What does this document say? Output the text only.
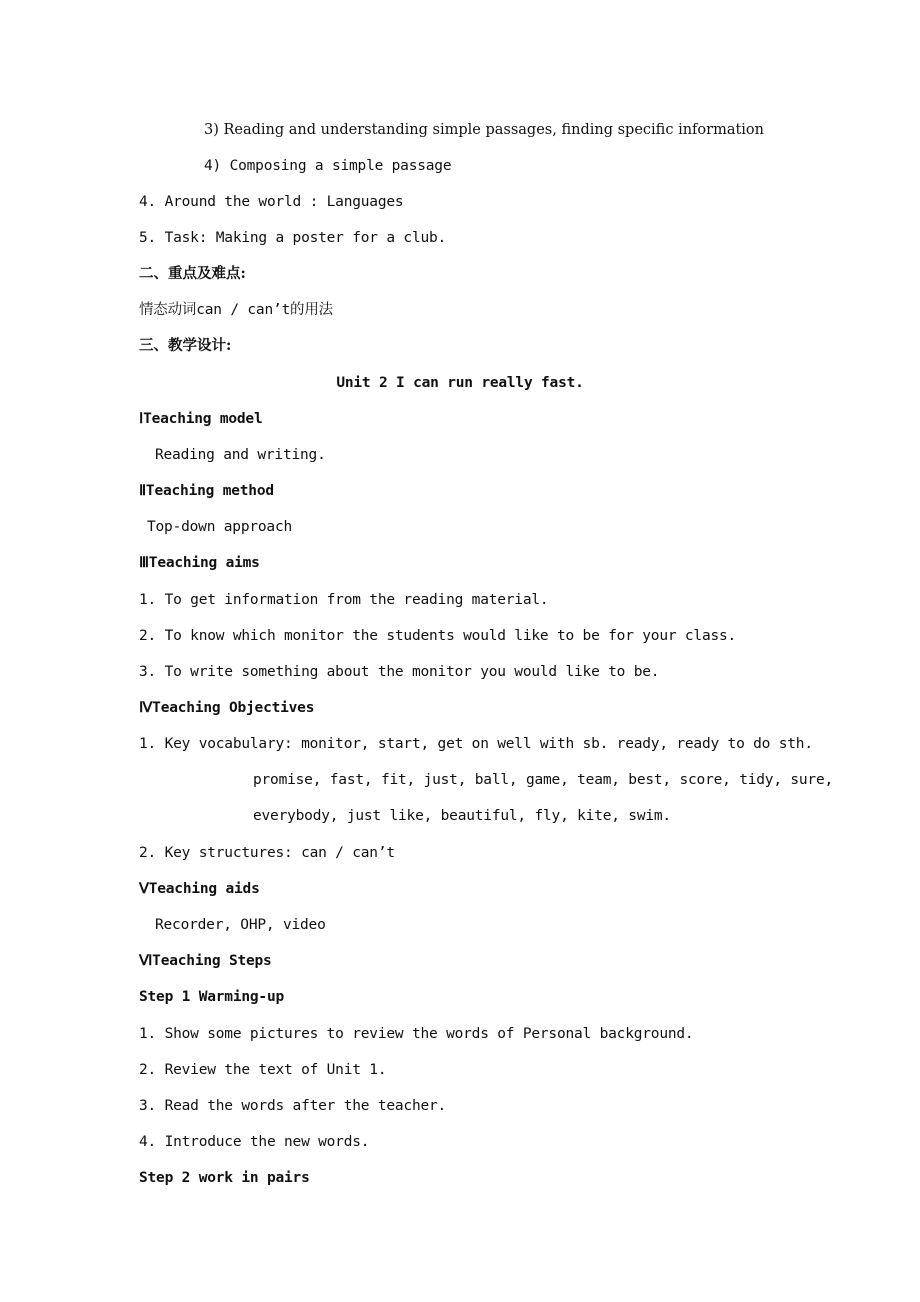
3) Reading and understanding simple passages, finding specific information
4) Composing a simple passage
4. Around the world : Languages
5. Task: Making a poster for a club.
二、重点及难点:
情态动词can / can’t的用法
三、教学设计:
Unit 2 I can run really fast.
ⅠTeaching model
Reading and writing.
ⅡTeaching method
Top-down approach
ⅢTeaching aims
1. To get information from the reading material.
2. To know which monitor the students would like to be for your class.
3. To write something about the monitor you would like to be.
ⅣTeaching Objectives
1. Key vocabulary: monitor, start, get on well with sb. ready, ready to do sth.
promise, fast, fit, just, ball, game, team, best, score, tidy, sure,
everybody, just like, beautiful, fly, kite, swim.
2. Key structures: can / can’t
ⅤTeaching aids
Recorder, OHP, video
ⅥTeaching Steps
Step 1 Warming-up
1. Show some pictures to review the words of Personal background.
2. Review the text of Unit 1.
3. Read the words after the teacher.
4. Introduce the new words.
Step 2 work in pairs
